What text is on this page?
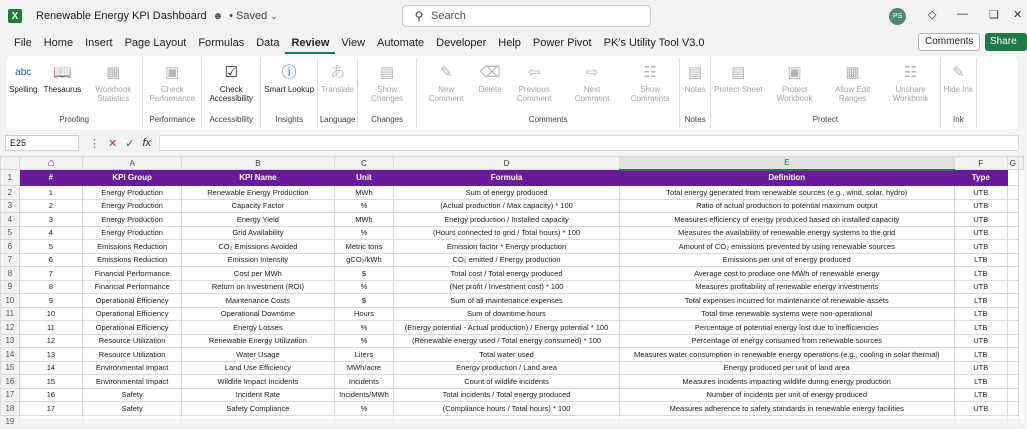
X	Renewable Energy KPI Dashboard ☻ • Saved ⌄	⚲ Search	PS	◇ — ❏ ✕
File	Home	Insert	Page Layout	Formulas	Data	Review	View	Automate	Developer	Help	Power Pivot	PK's Utility Tool V3.0	Comments	Share
abc
Spelling
📖
Thesaurus
▦
Workbook Statistics
Proofing
▣
Check Performance
Performance
☑
Check Accessibility
Accessibility
ⓘ
Smart Lookup
Insights
あ
Translate
Language
▤
Show Changes
Changes
✎
New Comment
⌫
Delete
⇦
Previous Comment
⇨
Next Comment
☷
Show Comments
Comments
▤
Notes
Notes
▤
Protect Sheet
▣
Protect Workbook
▦
Allow Edit Ranges
☷
Unshare Workbook
Protect
✎
Hide Ink
Ink
E25	⋮ ✕ ✓ fx
	⌂	A	B	C	D	E	F	G	
1	#	KPI Group	KPI Name	Unit	Formula	Definition	Type		
2	1	Energy Production	Renewable Energy Production	MWh	Sum of energy produced	Total energy generated from renewable sources (e.g., wind, solar, hydro)	UTB		
3	2	Energy Production	Capacity Factor	%	(Actual production / Max capacity) * 100	Ratio of actual production to potential maximum output	UTB		
4	3	Energy Production	Energy Yield	MWh	Energy production / Installed capacity	Measures efficiency of energy produced based on installed capacity	UTB		
5	4	Energy Production	Grid Availability	%	(Hours connected to grid / Total hours) * 100	Measures the availability of renewable energy systems to the grid	UTB		
6	5	Emissions Reduction	CO₂ Emissions Avoided	Metric tons	Emission factor * Energy production	Amount of CO₂ emissions prevented by using renewable sources	UTB		
7	6	Emissions Reduction	Emission Intensity	gCO₂/kWh	CO₂ emitted / Energy production	Emissions per unit of energy produced	LTB		
8	7	Financial Performance	Cost per MWh	$	Total cost / Total energy produced	Average cost to produce one MWh of renewable energy	LTB		
9	8	Financial Performance	Return on Investment (ROI)	%	(Net profit / Investment cost) * 100	Measures profitability of renewable energy investments	UTB		
10	9	Operational Efficiency	Maintenance Costs	$	Sum of all maintenance expenses	Total expenses incurred for maintenance of renewable assets	LTB		
11	10	Operational Efficiency	Operational Downtime	Hours	Sum of downtime hours	Total time renewable systems were non-operational	LTB		
12	11	Operational Efficiency	Energy Losses	%	(Energy potential - Actual production) / Energy potential * 100	Percentage of potential energy lost due to inefficiencies	LTB		
13	12	Resource Utilization	Renewable Energy Utilization	%	(Renewable energy used / Total energy consumed) * 100	Percentage of energy consumed from renewable sources	UTB		
14	13	Resource Utilization	Water Usage	Liters	Total water used	Measures water consumption in renewable energy operations (e.g., cooling in solar thermal)	LTB		
15	14	Environmental Impact	Land Use Efficiency	MWh/acre	Energy production / Land area	Energy produced per unit of land area	UTB		
16	15	Environmental Impact	Wildlife Impact Incidents	Incidents	Count of wildlife incidents	Measures incidents impacting wildlife during energy production	LTB		
17	16	Safety	Incident Rate	Incidents/MWh	Total incidents / Total energy produced	Number of incidents per unit of energy produced	LTB		
18	17	Safety	Safety Compliance	%	(Compliance hours / Total hours) * 100	Measures adherence to safety standards in renewable energy facilities	UTB		
19									
